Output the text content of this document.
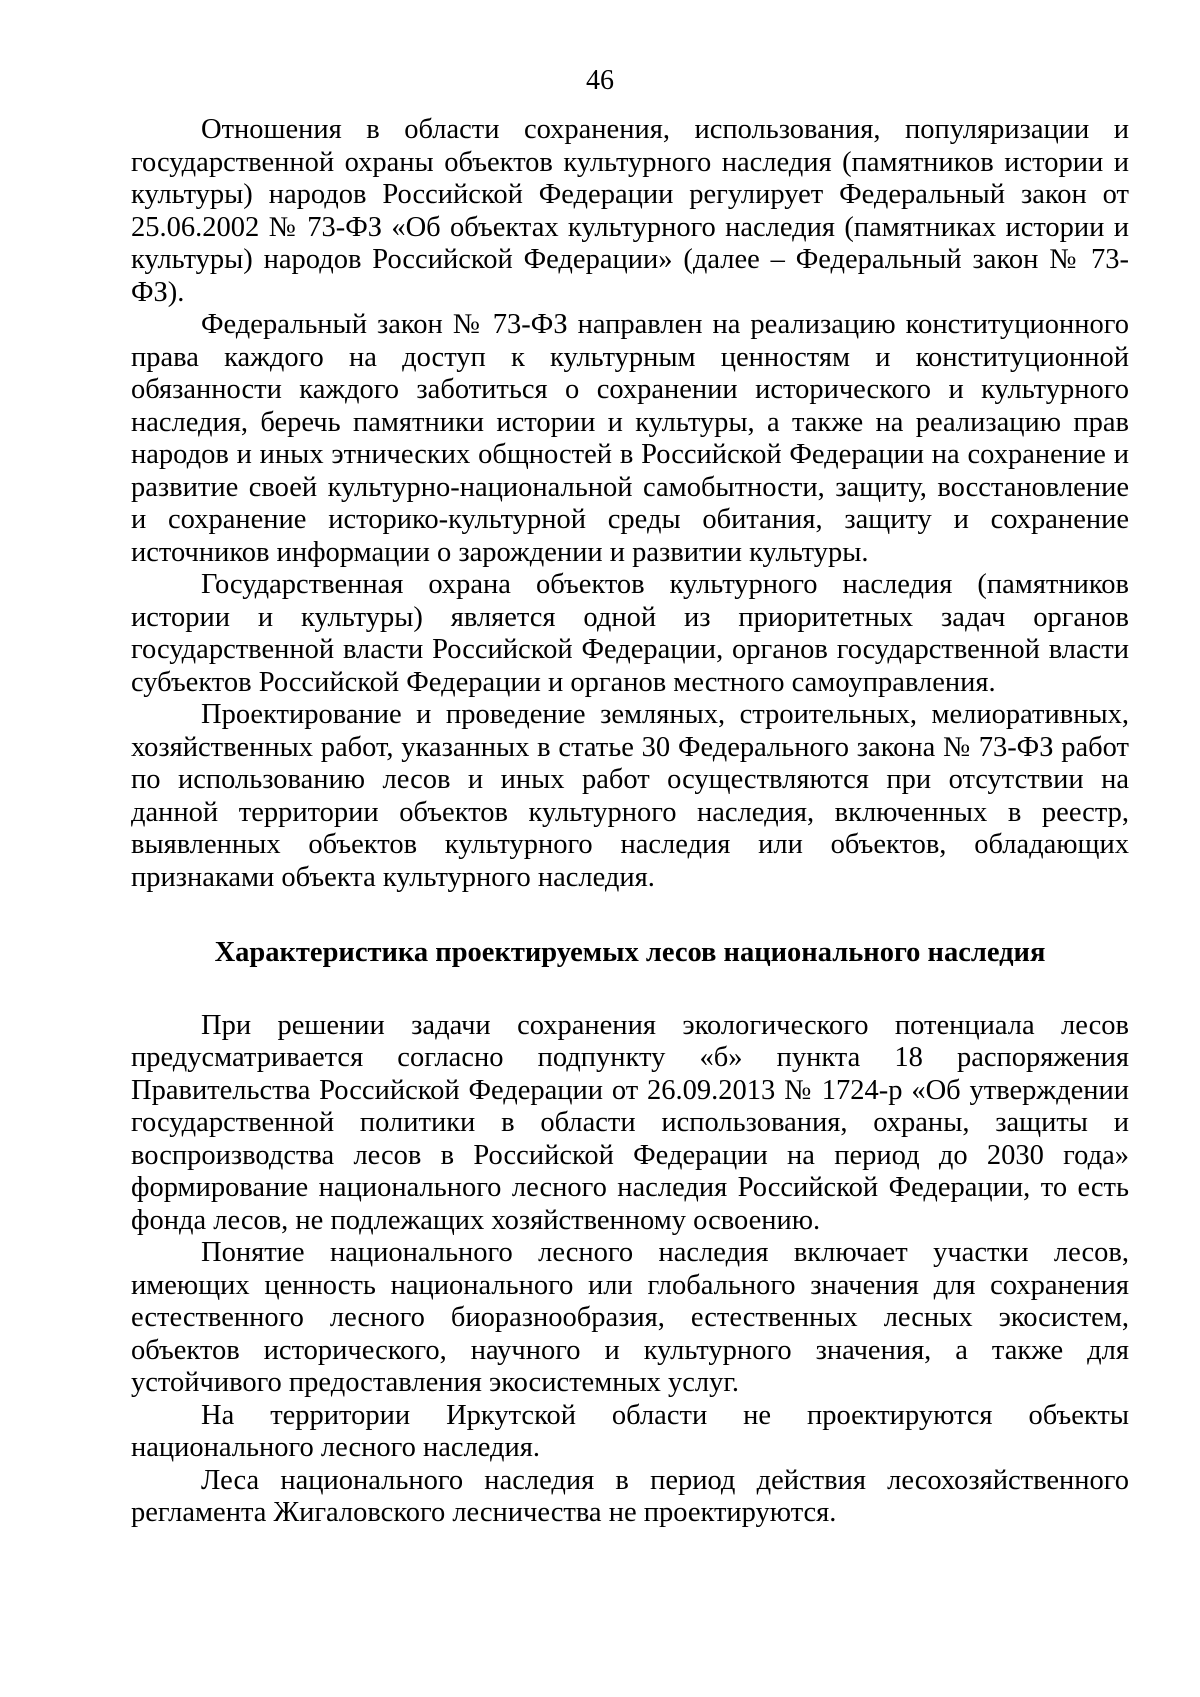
46

Отношения в области сохранения, использования, популяризации и государственной охраны объектов культурного наследия (памятников истории и культуры) народов Российской Федерации регулирует Федеральный закон от 25.06.2002 № 73-ФЗ «Об объектах культурного наследия (памятниках истории и культуры) народов Российской Федерации» (далее – Федеральный закон № 73-ФЗ).

Федеральный закон № 73-ФЗ направлен на реализацию конституционного права каждого на доступ к культурным ценностям и конституционной обязанности каждого заботиться о сохранении исторического и культурного наследия, беречь памятники истории и культуры, а также на реализацию прав народов и иных этнических общностей в Российской Федерации на сохранение и развитие своей культурно-национальной самобытности, защиту, восстановление и сохранение историко-культурной среды обитания, защиту и сохранение источников информации о зарождении и развитии культуры.

Государственная охрана объектов культурного наследия (памятников истории и культуры) является одной из приоритетных задач органов государственной власти Российской Федерации, органов государственной власти субъектов Российской Федерации и органов местного самоуправления.

Проектирование и проведение земляных, строительных, мелиоративных, хозяйственных работ, указанных в статье 30 Федерального закона № 73-ФЗ работ по использованию лесов и иных работ осуществляются при отсутствии на данной территории объектов культурного наследия, включенных в реестр, выявленных объектов культурного наследия или объектов, обладающих признаками объекта культурного наследия.

Характеристика проектируемых лесов национального наследия

При решении задачи сохранения экологического потенциала лесов предусматривается согласно подпункту «б» пункта 18 распоряжения Правительства Российской Федерации от 26.09.2013 № 1724-р «Об утверждении государственной политики в области использования, охраны, защиты и воспроизводства лесов в Российской Федерации на период до 2030 года» формирование национального лесного наследия Российской Федерации, то есть фонда лесов, не подлежащих хозяйственному освоению.

Понятие национального лесного наследия включает участки лесов, имеющих ценность национального или глобального значения для сохранения естественного лесного биоразнообразия, естественных лесных экосистем, объектов исторического, научного и культурного значения, а также для устойчивого предоставления экосистемных услуг.

На территории Иркутской области не проектируются объекты национального лесного наследия.

Леса национального наследия в период действия лесохозяйственного регламента Жигаловского лесничества не проектируются.
